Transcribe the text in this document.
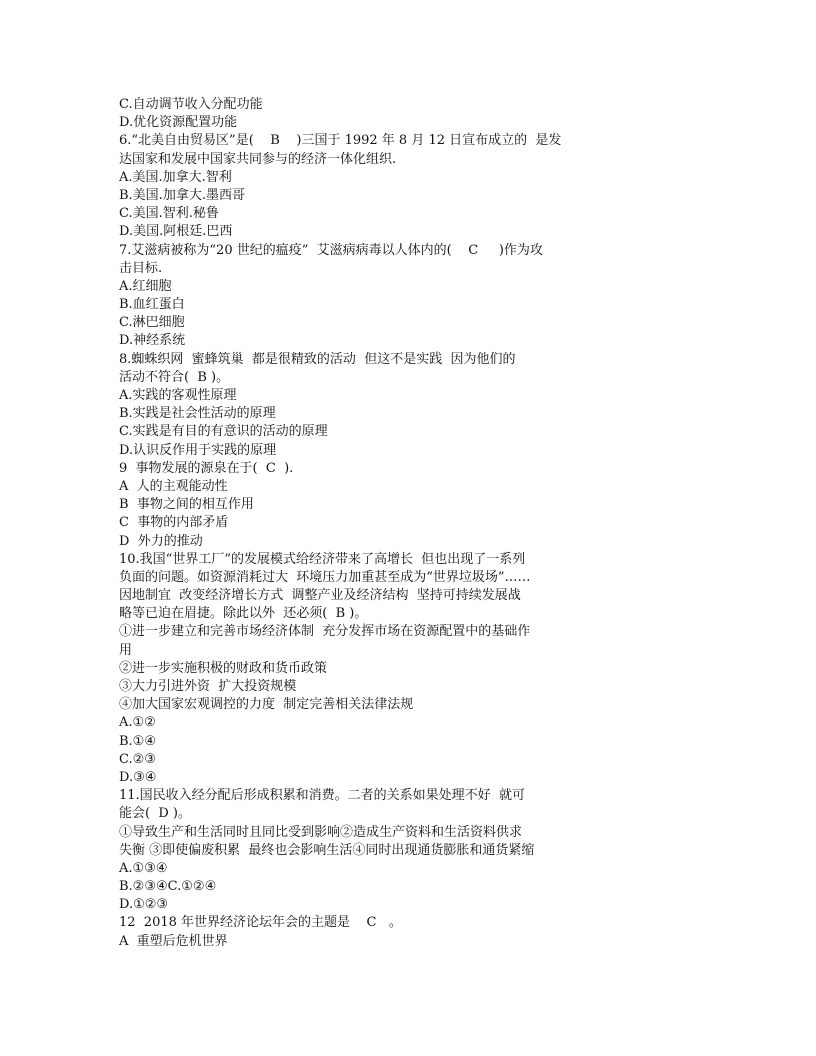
C.自动调节收入分配功能
D.优化资源配置功能
6.“北美自由贸易区”是(    B    )三国于 1992 年 8 月 12 日宣布成立的  是发
达国家和发展中国家共同参与的经济一体化组织.
A.美国.加拿大.智利
B.美国.加拿大.墨西哥
C.美国.智利.秘鲁
D.美国.阿根廷.巴西
7.艾滋病被称为“20 世纪的瘟疫”  艾滋病病毒以人体内的(    C     )作为攻
击目标.
A.红细胞
B.血红蛋白
C.淋巴细胞
D.神经系统
8.蜘蛛织网  蜜蜂筑巢  都是很精致的活动  但这不是实践  因为他们的
活动不符合(  B )。
A.实践的客观性原理
B.实践是社会性活动的原理
C.实践是有目的有意识的活动的原理
D.认识反作用于实践的原理
9  事物发展的源泉在于(  C  ).
A  人的主观能动性
B  事物之间的相互作用
C  事物的内部矛盾
D  外力的推动
10.我国“世界工厂”的发展模式给经济带来了高增长  但也出现了一系列
负面的问题。如资源消耗过大  环境压力加重甚至成为“世界垃圾场”……
因地制宜  改变经济增长方式  调整产业及经济结构  坚持可持续发展战
略等已迫在眉捷。除此以外  还必须(  B )。
①进一步建立和完善市场经济体制  充分发挥市场在资源配置中的基础作
用
②进一步实施积极的财政和货币政策
③大力引进外资  扩大投资规模
④加大国家宏观调控的力度  制定完善相关法律法规
A.①②
B.①④
C.②③
D.③④
11.国民收入经分配后形成积累和消费。二者的关系如果处理不好  就可
能会(  D )。
①导致生产和生活同时且同比受到影响②造成生产资料和生活资料供求
失衡 ③即使偏废积累  最终也会影响生活④同时出现通货膨胀和通货紧缩
A.①③④
B.②③④C.①②④
D.①②③
12  2018 年世界经济论坛年会的主题是    C   。
A  重塑后危机世界
